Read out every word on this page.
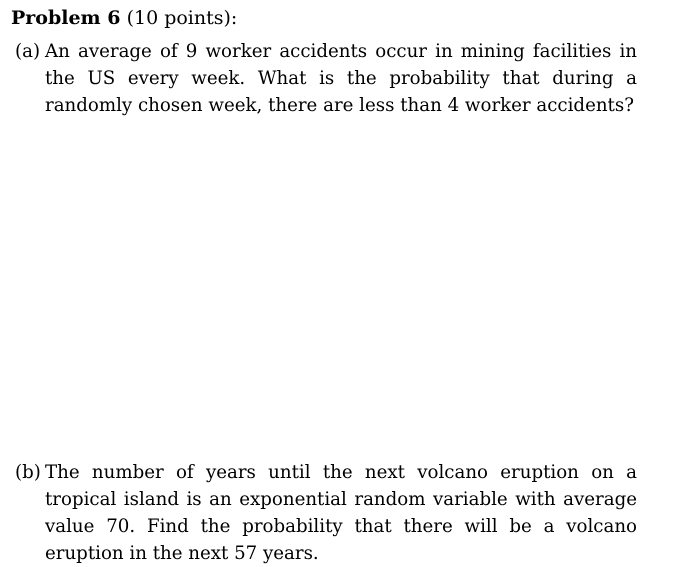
Problem 6 (10 points):
(a) An average of 9 worker accidents occur in mining facilities in the US every week. What is the probability that during a randomly chosen week, there are less than 4 worker accidents?
(b) The number of years until the next volcano eruption on a tropical island is an exponential random variable with average value 70. Find the probability that there will be a volcano eruption in the next 57 years.
